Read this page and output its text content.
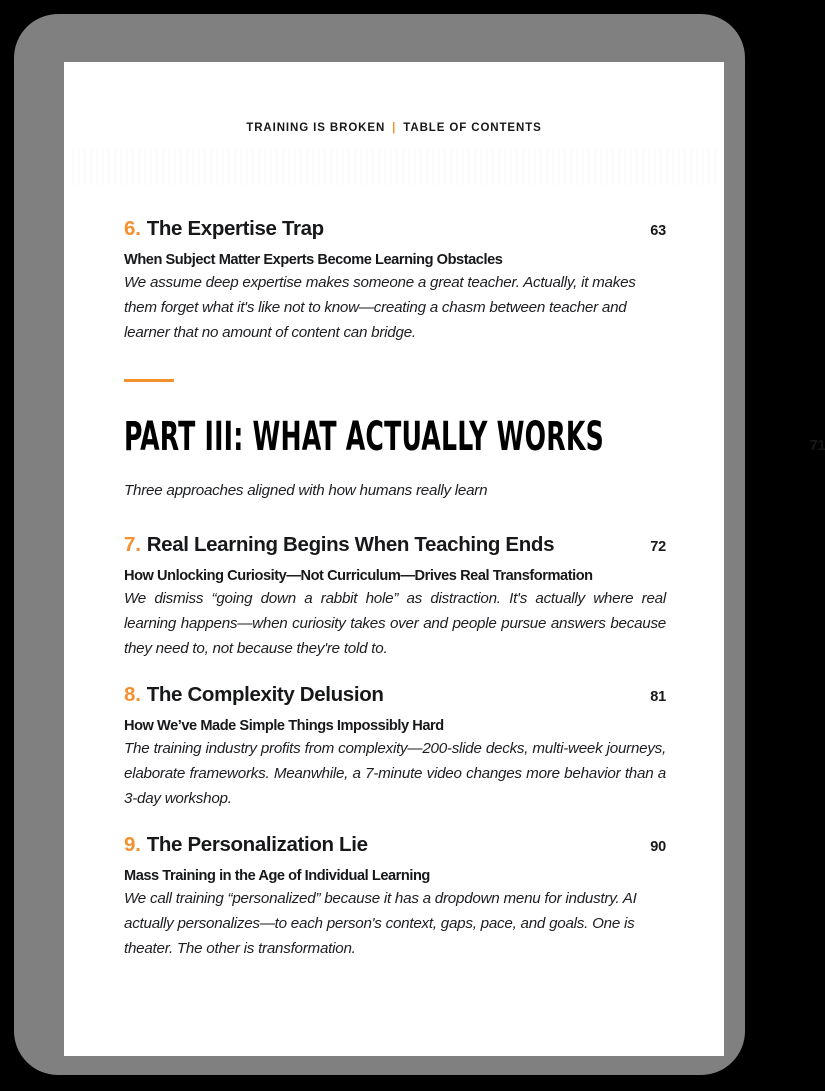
TRAINING IS BROKEN | TABLE OF CONTENTS
6. The Expertise Trap	63
When Subject Matter Experts Become Learning Obstacles
We assume deep expertise makes someone a great teacher. Actually, it makes them forget what it's like not to know—creating a chasm between teacher and learner that no amount of content can bridge.
PART III: WHAT ACTUALLY WORKS	71
Three approaches aligned with how humans really learn
7. Real Learning Begins When Teaching Ends	72
How Unlocking Curiosity—Not Curriculum—Drives Real Transformation
We dismiss “going down a rabbit hole” as distraction. It's actually where real learning happens—when curiosity takes over and people pursue answers because they need to, not because they're told to.
8. The Complexity Delusion	81
How We’ve Made Simple Things Impossibly Hard
The training industry profits from complexity—200-slide decks, multi-week journeys, elaborate frameworks. Meanwhile, a 7-minute video changes more behavior than a 3-day workshop.
9. The Personalization Lie	90
Mass Training in the Age of Individual Learning
We call training “personalized” because it has a dropdown menu for industry. AI actually personalizes—to each person's context, gaps, pace, and goals. One is theater. The other is transformation.
